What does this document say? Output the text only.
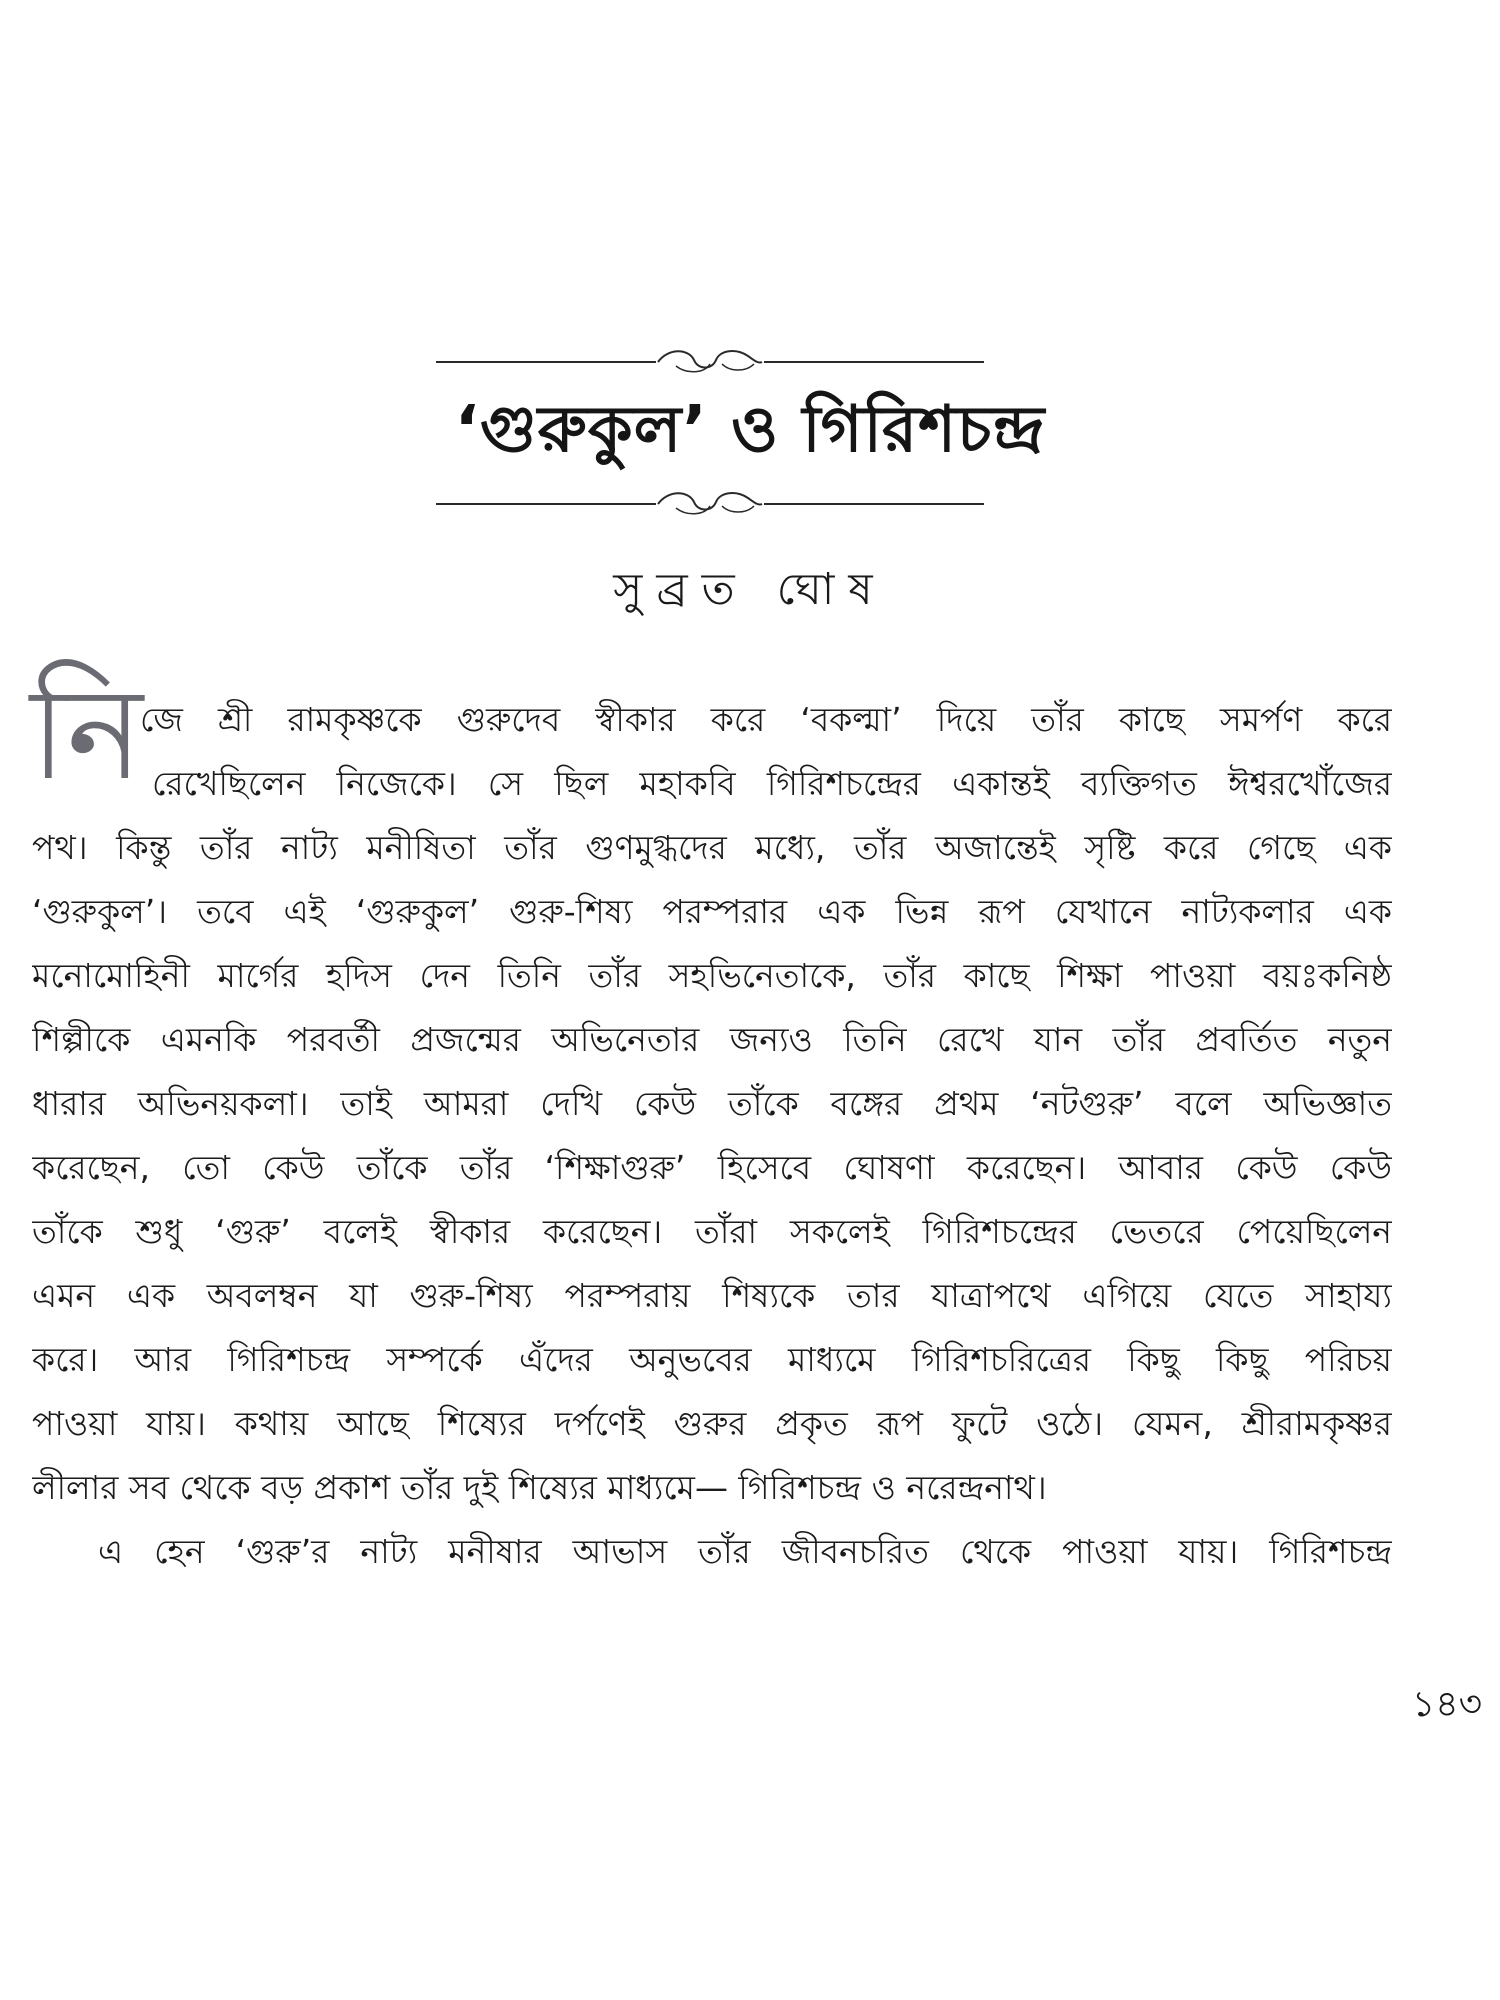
‘গুরুকুল’ ও গিরিশচন্দ্র
সুব্রত ঘোষ
নি
জে শ্রী রামকৃষ্ণকে গুরুদেব স্বীকার করে ‘বকল্মা’ দিয়ে তাঁর কাছে সমর্পণ করে
রেখেছিলেন নিজেকে। সে ছিল মহাকবি গিরিশচন্দ্রের একান্তই ব্যক্তিগত ঈশ্বরখোঁজের
পথ। কিন্তু তাঁর নাট্য মনীষিতা তাঁর গুণমুগ্ধদের মধ্যে, তাঁর অজান্তেই সৃষ্টি করে গেছে এক
‘গুরুকুল’। তবে এই ‘গুরুকুল’ গুরু-শিষ্য পরম্পরার এক ভিন্ন রূপ যেখানে নাট্যকলার এক
মনোমোহিনী মার্গের হদিস দেন তিনি তাঁর সহভিনেতাকে, তাঁর কাছে শিক্ষা পাওয়া বয়ঃকনিষ্ঠ
শিল্পীকে এমনকি পরবর্তী প্রজন্মের অভিনেতার জন্যও তিনি রেখে যান তাঁর প্রবর্তিত নতুন
ধারার অভিনয়কলা। তাই আমরা দেখি কেউ তাঁকে বঙ্গের প্রথম ‘নটগুরু’ বলে অভিজ্ঞাত
করেছেন, তো কেউ তাঁকে তাঁর ‘শিক্ষাগুরু’ হিসেবে ঘোষণা করেছেন। আবার কেউ কেউ
তাঁকে শুধু ‘গুরু’ বলেই স্বীকার করেছেন। তাঁরা সকলেই গিরিশচন্দ্রের ভেতরে পেয়েছিলেন
এমন এক অবলম্বন যা গুরু-শিষ্য পরম্পরায় শিষ্যকে তার যাত্রাপথে এগিয়ে যেতে সাহায্য
করে। আর গিরিশচন্দ্র সম্পর্কে এঁদের অনুভবের মাধ্যমে গিরিশচরিত্রের কিছু কিছু পরিচয়
পাওয়া যায়। কথায় আছে শিষ্যের দর্পণেই গুরুর প্রকৃত রূপ ফুটে ওঠে। যেমন, শ্রীরামকৃষ্ণর
লীলার সব থেকে বড় প্রকাশ তাঁর দুই শিষ্যের মাধ্যমে— গিরিশচন্দ্র ও নরেন্দ্রনাথ।
এ হেন ‘গুরু’র নাট্য মনীষার আভাস তাঁর জীবনচরিত থেকে পাওয়া যায়। গিরিশচন্দ্র
১৪৩
